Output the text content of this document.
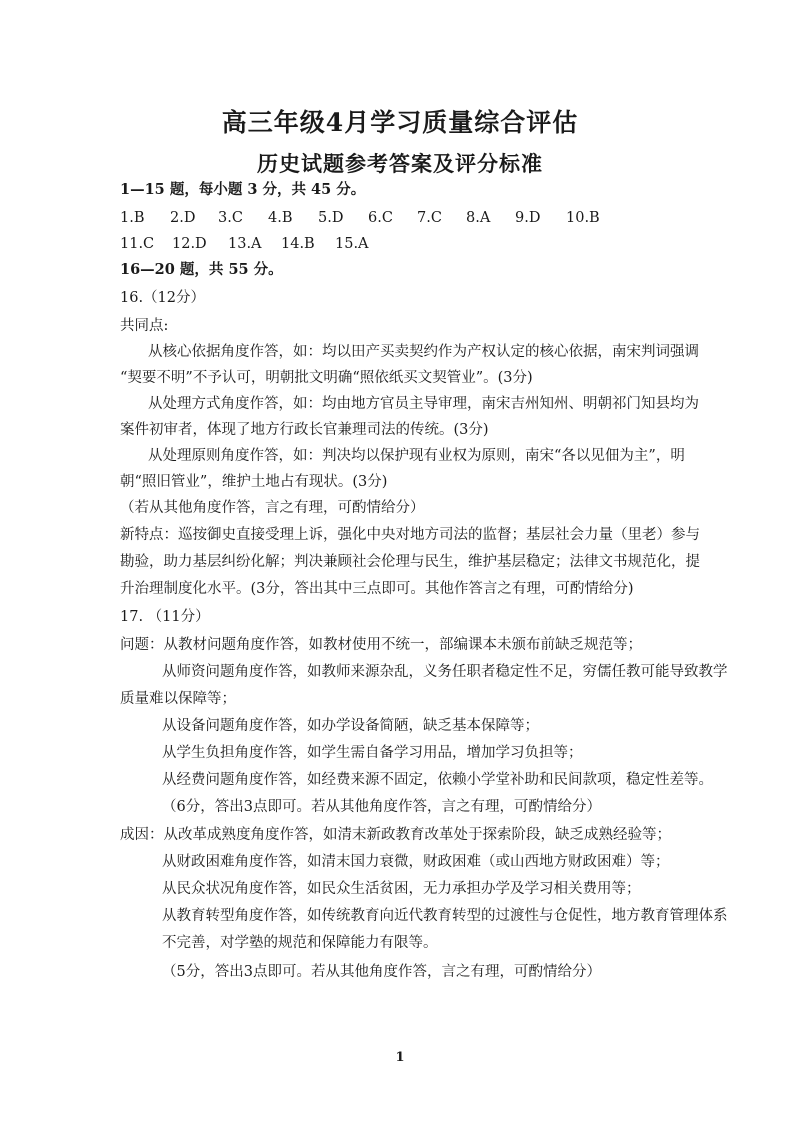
高三年级4月学习质量综合评估
历史试题参考答案及评分标准
1—15 题，每小题 3 分，共 45 分。
1.B 2.D 3.C 4.B 5.D 6.C 7.C 8.A 9.D 10.B
11.C 12.D 13.A 14.B 15.A
16—20 题，共 55 分。
16.（12分）
共同点:
从核心依据角度作答，如：均以田产买卖契约作为产权认定的核心依据，南宋判词强调
“契要不明”不予认可，明朝批文明确“照依纸买文契管业”。(3分)
从处理方式角度作答，如：均由地方官员主导审理，南宋吉州知州、明朝祁门知县均为
案件初审者，体现了地方行政长官兼理司法的传统。(3分)
从处理原则角度作答，如：判决均以保护现有业权为原则，南宋“各以见佃为主”，明
朝“照旧管业”，维护土地占有现状。(3分)
（若从其他角度作答，言之有理，可酌情给分）
新特点：巡按御史直接受理上诉，强化中央对地方司法的监督；基层社会力量（里老）参与
勘验，助力基层纠纷化解；判决兼顾社会伦理与民生，维护基层稳定；法律文书规范化，提
升治理制度化水平。(3分，答出其中三点即可。其他作答言之有理，可酌情给分)
17. （11分）
问题：从教材问题角度作答，如教材使用不统一，部编课本未颁布前缺乏规范等；
从师资问题角度作答，如教师来源杂乱，义务任职者稳定性不足，穷儒任教可能导致教学
质量难以保障等；
从设备问题角度作答，如办学设备简陋，缺乏基本保障等；
从学生负担角度作答，如学生需自备学习用品，增加学习负担等；
从经费问题角度作答，如经费来源不固定，依赖小学堂补助和民间款项，稳定性差等。
（6分，答出3点即可。若从其他角度作答，言之有理，可酌情给分）
成因：从改革成熟度角度作答，如清末新政教育改革处于探索阶段，缺乏成熟经验等；
从财政困难角度作答，如清末国力衰微，财政困难（或山西地方财政困难）等；
从民众状况角度作答，如民众生活贫困，无力承担办学及学习相关费用等；
从教育转型角度作答，如传统教育向近代教育转型的过渡性与仓促性，地方教育管理体系
不完善，对学塾的规范和保障能力有限等。
（5分，答出3点即可。若从其他角度作答，言之有理，可酌情给分）
1
